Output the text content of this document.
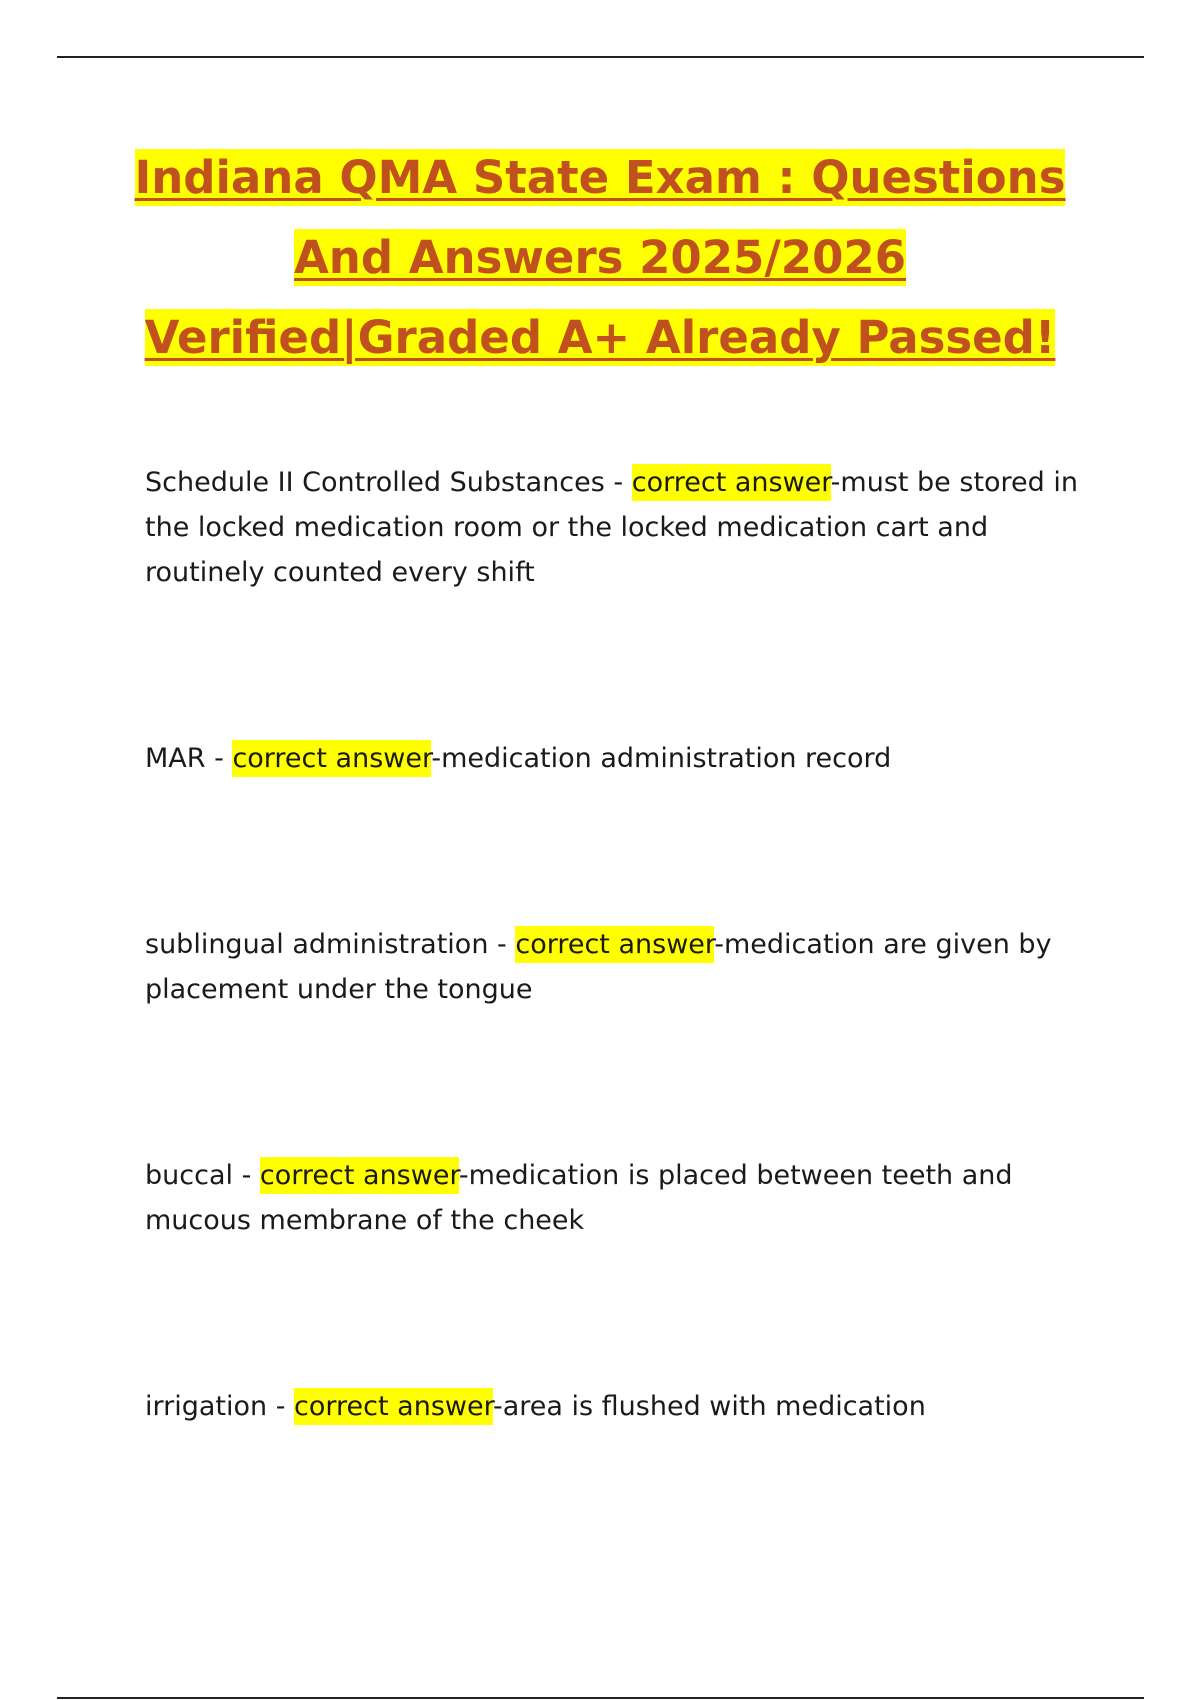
Indiana QMA State Exam : Questions
And Answers 2025/2026
Verified|Graded A+ Already Passed!
Schedule II Controlled Substances - correct answer-must be stored in the locked medication room or the locked medication cart and routinely counted every shift
MAR - correct answer-medication administration record
sublingual administration - correct answer-medication are given by placement under the tongue
buccal - correct answer-medication is placed between teeth and mucous membrane of the cheek
irrigation - correct answer-area is flushed with medication
